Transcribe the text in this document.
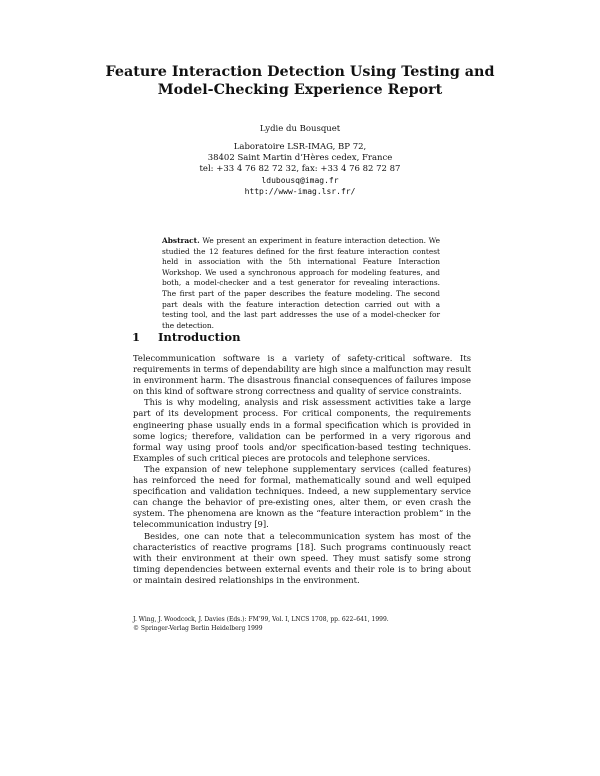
Feature Interaction Detection Using Testing and
Model-Checking Experience Report
Lydie du Bousquet
Laboratoire LSR-IMAG, BP 72,
38402 Saint Martin d’Hères cedex, France
tel: +33 4 76 82 72 32, fax: +33 4 76 82 72 87
ldubousq@imag.fr
http://www-imag.lsr.fr/
Abstract. We present an experiment in feature interaction detection. We studied the 12 features defined for the first feature interaction contest held in association with the 5th international Feature Interaction Workshop. We used a synchronous approach for modeling features, and both, a model-checker and a test generator for revealing interactions. The first part of the paper describes the feature modeling. The second part deals with the feature interaction detection carried out with a testing tool, and the last part addresses the use of a model-checker for the detection.
1 Introduction

Telecommunication software is a variety of safety-critical software. Its requirements in terms of dependability are high since a malfunction may result in environment harm. The disastrous financial consequences of failures impose on this kind of software strong correctness and quality of service constraints.

This is why modeling, analysis and risk assessment activities take a large part of its development process. For critical components, the requirements engineering phase usually ends in a formal specification which is provided in some logics; therefore, validation can be performed in a very rigorous and formal way using proof tools and/or specification-based testing techniques. Examples of such critical pieces are protocols and telephone services.

The expansion of new telephone supplementary services (called features) has reinforced the need for formal, mathematically sound and well equiped specification and validation techniques. Indeed, a new supplementary service can change the behavior of pre-existing ones, alter them, or even crash the system. The phenomena are known as the “feature interaction problem” in the telecommunication industry [9].

Besides, one can note that a telecommunication system has most of the characteristics of reactive programs [18]. Such programs continuously react with their environment at their own speed. They must satisfy some strong timing dependencies between external events and their role is to bring about or maintain desired relationships in the environment.

J. Wing, J. Woodcock, J. Davies (Eds.): FM’99, Vol. I, LNCS 1708, pp. 622–641, 1999.
© Springer-Verlag Berlin Heidelberg 1999
